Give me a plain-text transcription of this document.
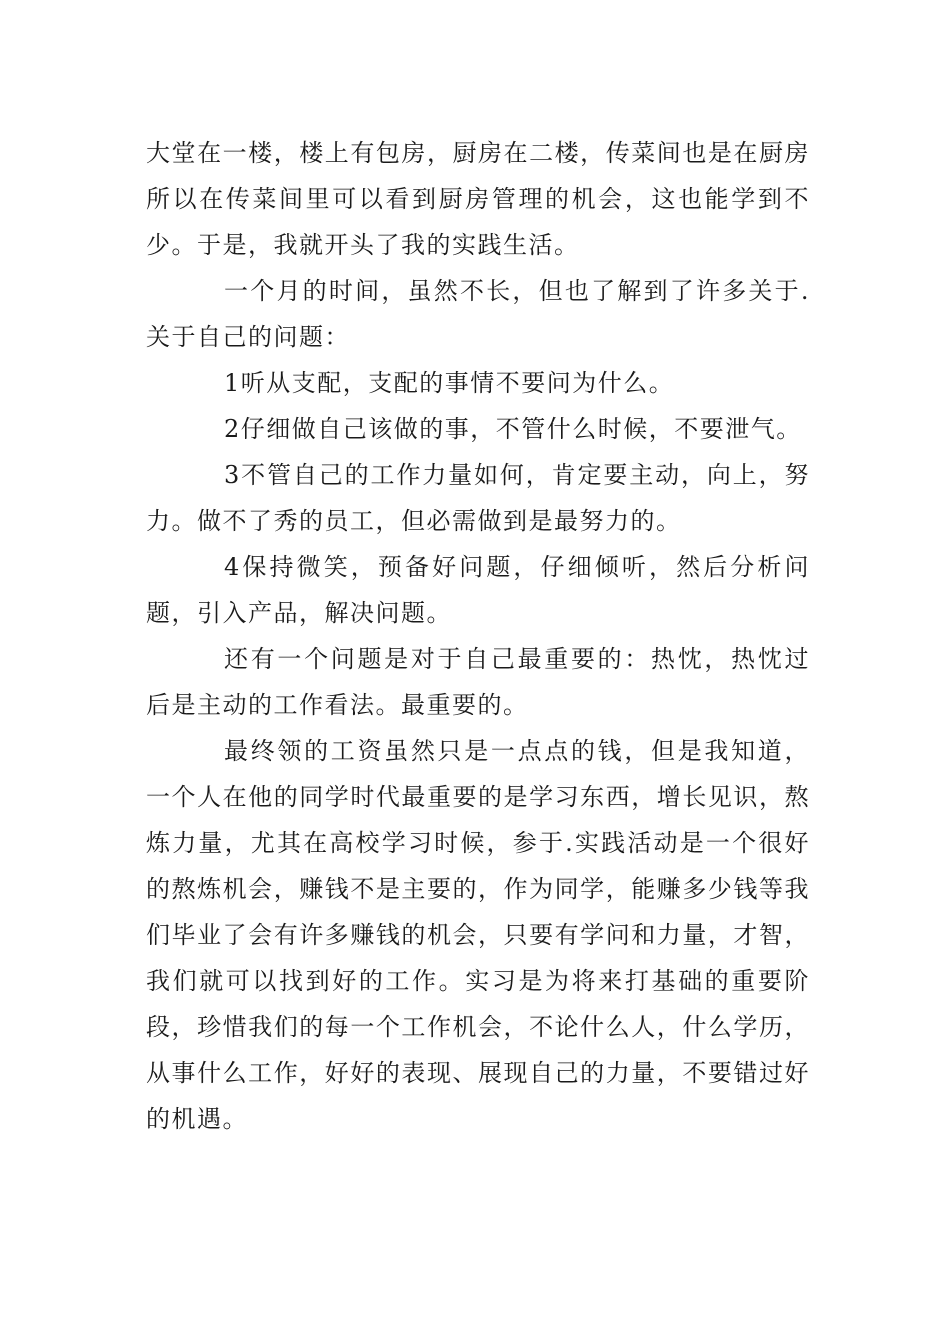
大堂在一楼，楼上有包房，厨房在二楼，传菜间也是在厨房所以在传菜间里可以看到厨房管理的机会，这也能学到不少。于是，我就开头了我的实践生活。

一个月的时间，虽然不长，但也了解到了许多关于.关于自己的问题：

1听从支配，支配的事情不要问为什么。

2仔细做自己该做的事，不管什么时候，不要泄气。

3不管自己的工作力量如何，肯定要主动，向上，努力。做不了秀的员工，但必需做到是最努力的。

4保持微笑，预备好问题，仔细倾听，然后分析问题，引入产品，解决问题。

还有一个问题是对于自己最重要的：热忱，热忱过后是主动的工作看法。最重要的。

最终领的工资虽然只是一点点的钱，但是我知道，一个人在他的同学时代最重要的是学习东西，增长见识，熬炼力量，尤其在高校学习时候，参于.实践活动是一个很好的熬炼机会，赚钱不是主要的，作为同学，能赚多少钱等我们毕业了会有许多赚钱的机会，只要有学问和力量，才智，我们就可以找到好的工作。实习是为将来打基础的重要阶段，珍惜我们的每一个工作机会，不论什么人，什么学历，从事什么工作，好好的表现、展现自己的力量，不要错过好的机遇。
